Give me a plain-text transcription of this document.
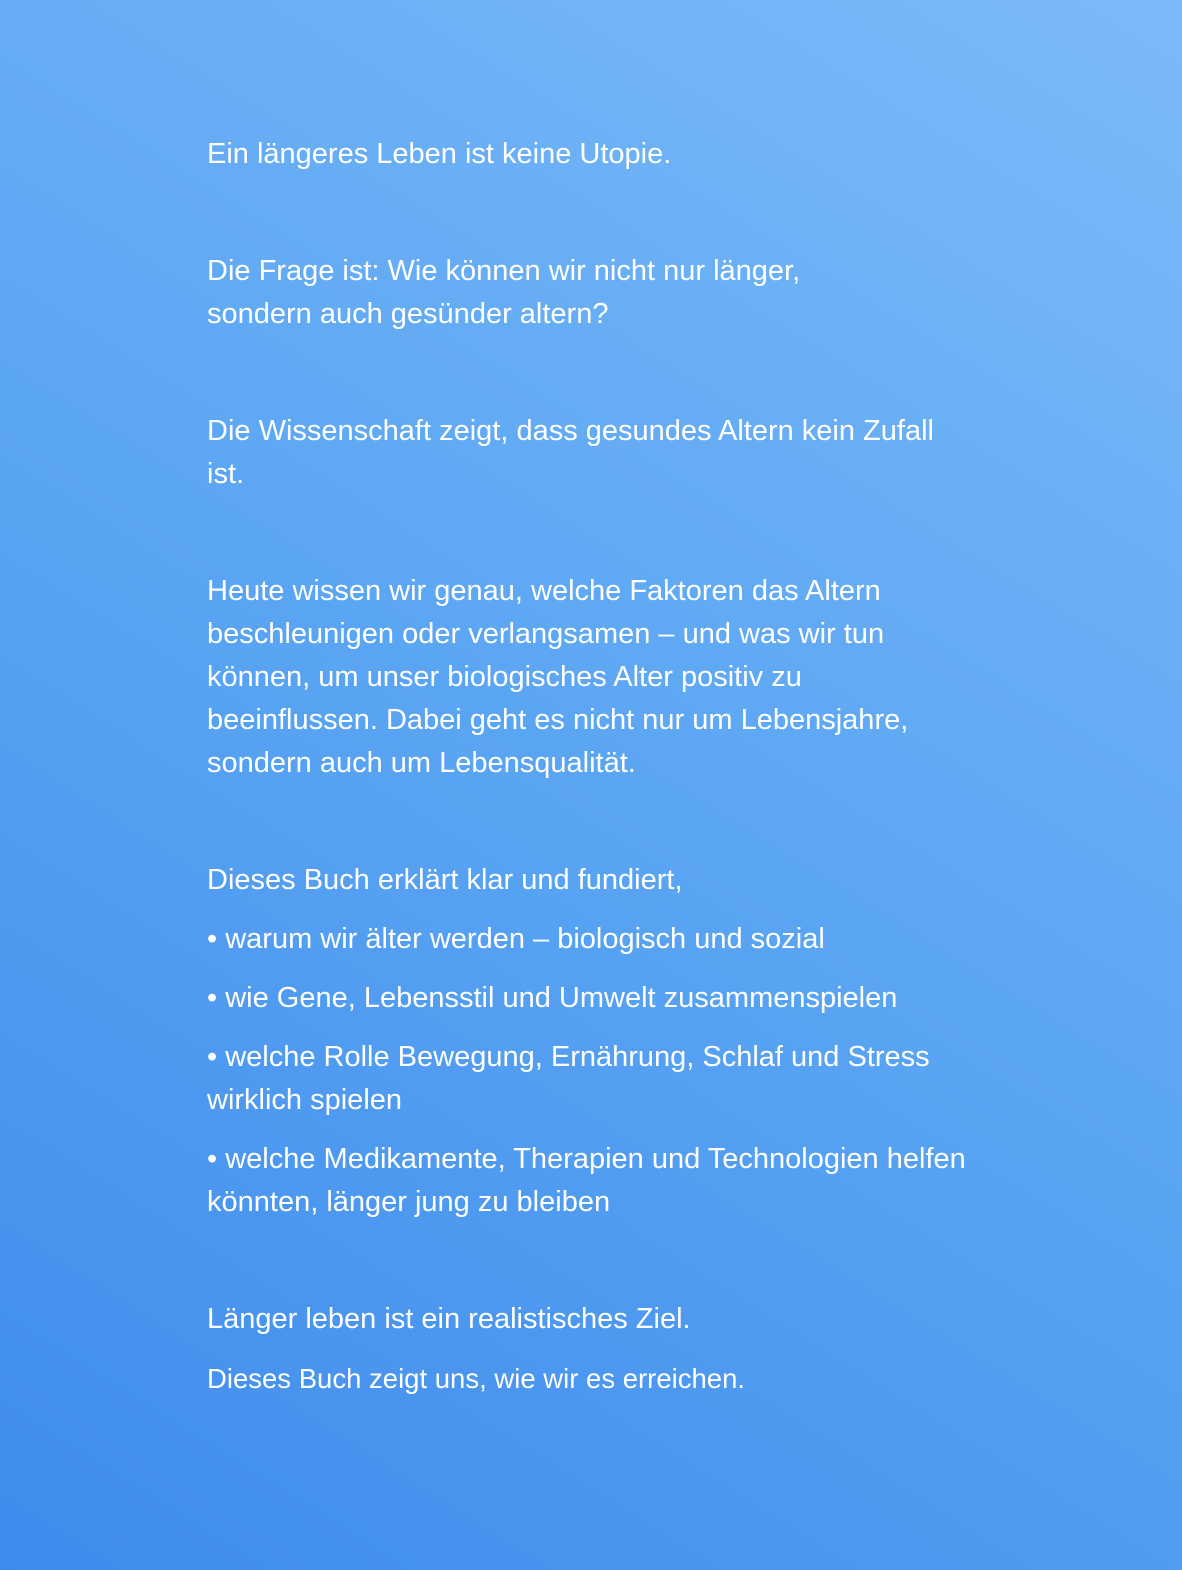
Ein längeres Leben ist keine Utopie.

Die Frage ist: Wie können wir nicht nur länger, sondern auch gesünder altern?

Die Wissenschaft zeigt, dass gesundes Altern kein Zufall ist.

Heute wissen wir genau, welche Faktoren das Altern beschleunigen oder verlangsamen – und was wir tun können, um unser biologisches Alter positiv zu beeinflussen. Dabei geht es nicht nur um Lebensjahre, sondern auch um Lebensqualität.

Dieses Buch erklärt klar und fundiert,

• warum wir älter werden – biologisch und sozial

• wie Gene, Lebensstil und Umwelt zusammenspielen

• welche Rolle Bewegung, Ernährung, Schlaf und Stress wirklich spielen

• welche Medikamente, Therapien und Technologien helfen könnten, länger jung zu bleiben

Länger leben ist ein realistisches Ziel.

Dieses Buch zeigt uns, wie wir es erreichen.
